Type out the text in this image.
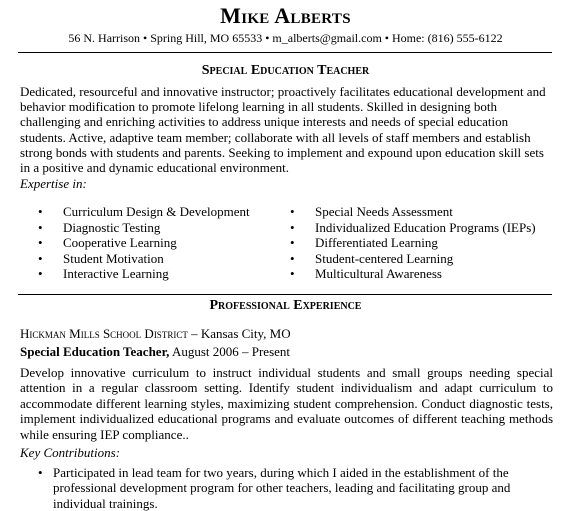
Mike Alberts
56 N. Harrison • Spring Hill, MO 65533 • m_alberts@gmail.com • Home: (816) 555-6122
Special Education Teacher

Dedicated, resourceful and innovative instructor; proactively facilitates educational development and behavior modification to promote lifelong learning in all students. Skilled in designing both challenging and enriching activities to address unique interests and needs of special education students. Active, adaptive team member; collaborate with all levels of staff members and establish strong bonds with students and parents. Seeking to implement and expound upon education skill sets in a positive and dynamic educational environment.

Expertise in:
• Curriculum Design & Development
• Diagnostic Testing
• Cooperative Learning
• Student Motivation
• Interactive Learning
• Special Needs Assessment
• Individualized Education Programs (IEPs)
• Differentiated Learning
• Student-centered Learning
• Multicultural Awareness
Professional Experience
Hickman Mills School District – Kansas City, MO
Special Education Teacher, August 2006 – Present

Develop innovative curriculum to instruct individual students and small groups needing special attention in a regular classroom setting. Identify student individualism and adapt curriculum to accommodate different learning styles, maximizing student comprehension. Conduct diagnostic tests, implement individualized educational programs and evaluate outcomes of different teaching methods while ensuring IEP compliance..

Key Contributions:
• Participated in lead team for two years, during which I aided in the establishment of the professional development program for other teachers, leading and facilitating group and individual trainings.
